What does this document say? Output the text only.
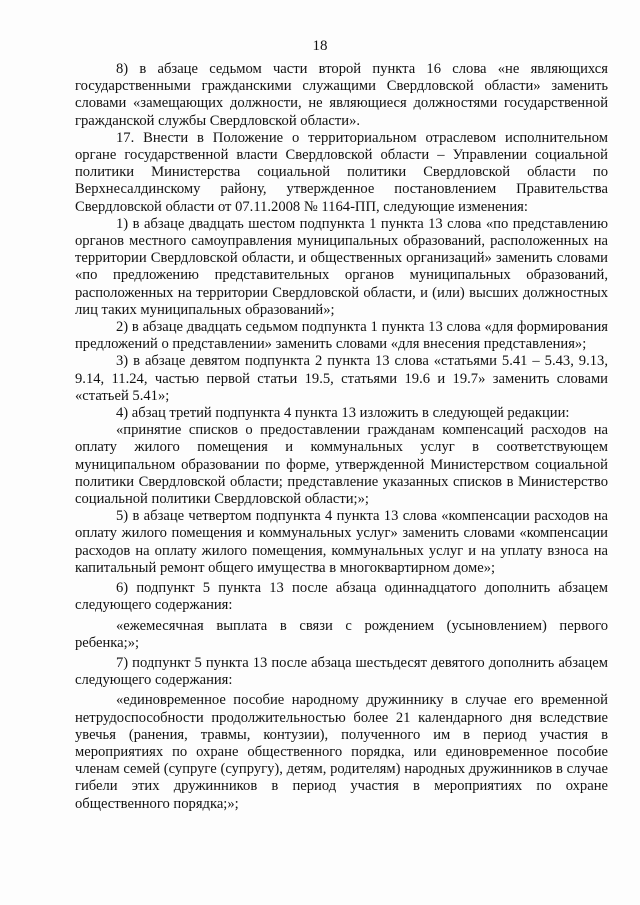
18

8) в абзаце седьмом части второй пункта 16 слова «не являющихся государственными гражданскими служащими Свердловской области» заменить словами «замещающих должности, не являющиеся должностями государственной гражданской службы Свердловской области».

17. Внести в Положение о территориальном отраслевом исполнительном органе государственной власти Свердловской области – Управлении социальной политики Министерства социальной политики Свердловской области по Верхнесалдинскому району, утвержденное постановлением Правительства Свердловской области от 07.11.2008 № 1164-ПП, следующие изменения:

1) в абзаце двадцать шестом подпункта 1 пункта 13 слова «по представлению органов местного самоуправления муниципальных образований, расположенных на территории Свердловской области, и общественных организаций» заменить словами «по предложению представительных органов муниципальных образований, расположенных на территории Свердловской области, и (или) высших должностных лиц таких муниципальных образований»;

2) в абзаце двадцать седьмом подпункта 1 пункта 13 слова «для формирования предложений о представлении» заменить словами «для внесения представления»;

3) в абзаце девятом подпункта 2 пункта 13 слова «статьями 5.41 – 5.43, 9.13, 9.14, 11.24, частью первой статьи 19.5, статьями 19.6 и 19.7» заменить словами «статьей 5.41»;

4) абзац третий подпункта 4 пункта 13 изложить в следующей редакции:

«принятие списков о предоставлении гражданам компенсаций расходов на оплату жилого помещения и коммунальных услуг в соответствующем муниципальном образовании по форме, утвержденной Министерством социальной политики Свердловской области; представление указанных списков в Министерство социальной политики Свердловской области;»;

5) в абзаце четвертом подпункта 4 пункта 13 слова «компенсации расходов на оплату жилого помещения и коммунальных услуг» заменить словами «компенсации расходов на оплату жилого помещения, коммунальных услуг и на уплату взноса на капитальный ремонт общего имущества в многоквартирном доме»;

6) подпункт 5 пункта 13 после абзаца одиннадцатого дополнить абзацем следующего содержания:

«ежемесячная выплата в связи с рождением (усыновлением) первого ребенка;»;

7) подпункт 5 пункта 13 после абзаца шестьдесят девятого дополнить абзацем следующего содержания:

«единовременное пособие народному дружиннику в случае его временной нетрудоспособности продолжительностью более 21 календарного дня вследствие увечья (ранения, травмы, контузии), полученного им в период участия в мероприятиях по охране общественного порядка, или единовременное пособие членам семей (супруге (супругу), детям, родителям) народных дружинников в случае гибели этих дружинников в период участия в мероприятиях по охране общественного порядка;»;
